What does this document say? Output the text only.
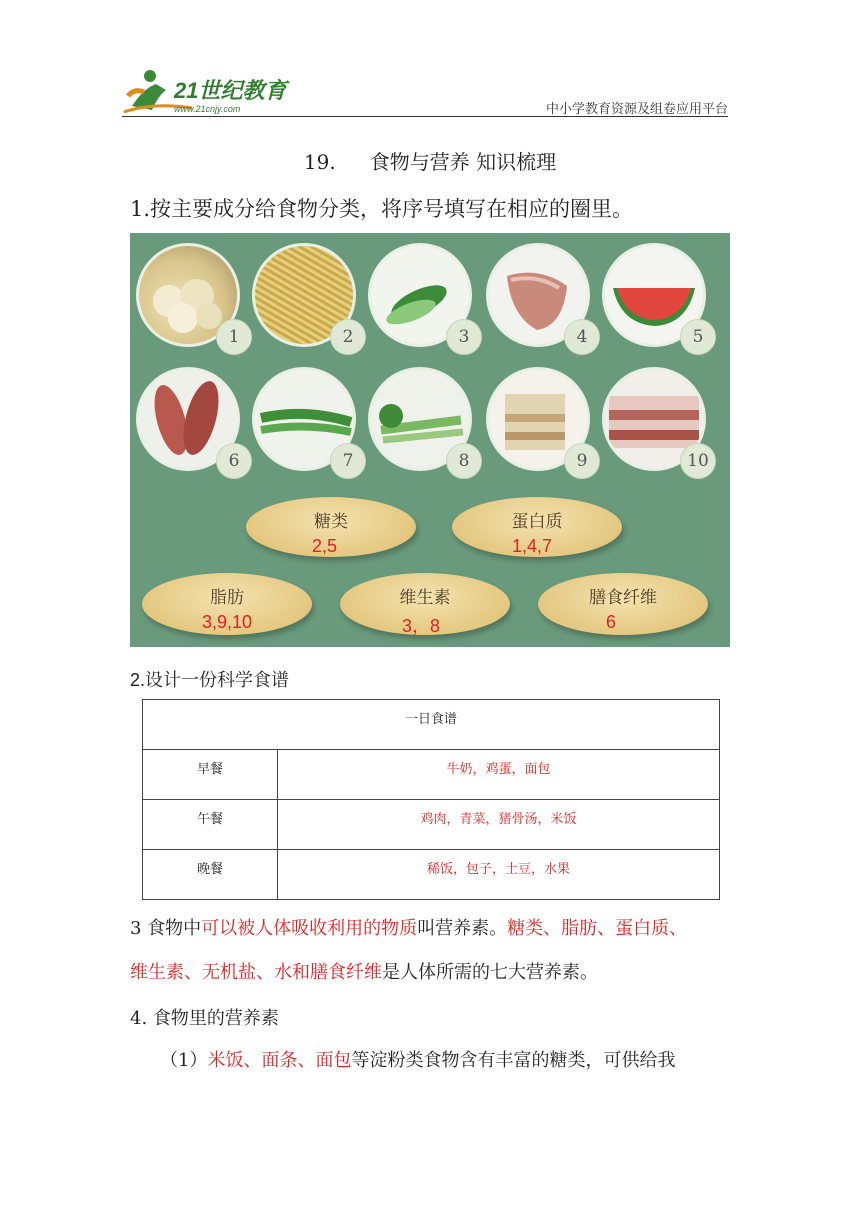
21世纪教育
www.21cnjy.com	中小学教育资源及组卷应用平台
19. 食物与营养 知识梳理
1.按主要成分给食物分类，将序号填写在相应的圈里。
1	2	3	4	5
6	7	8	9	10
糖类
2,5
蛋白质
1,4,7
脂肪
3,9,10
维生素
3，8
膳食纤维
6
2.设计一份科学食谱
一日食谱	
早餐	牛奶，鸡蛋，面包
午餐	鸡肉，青菜，猪骨汤，米饭
晚餐	稀饭，包子，土豆，水果
3 食物中可以被人体吸收利用的物质叫营养素。糖类、脂肪、蛋白质、
维生素、无机盐、水和膳食纤维是人体所需的七大营养素。
4. 食物里的营养素
（1）米饭、面条、面包等淀粉类食物含有丰富的糖类，可供给我
